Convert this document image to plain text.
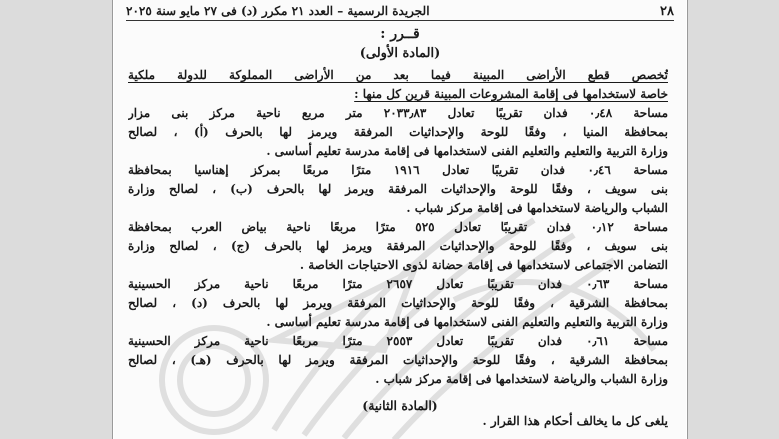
٢٨
الجريدة الرسمية – العدد ٢١ مكرر (د) فى ٢٧ مايو سنة ٢٠٢٥
قــرر :
(المادة الأولى)
تُخصص قطع الأراضى المبينة فيما بعد من الأراضى المملوكة للدولة ملكية
خاصة لاستخدامها فى إقامة المشروعات المبينة قرين كل منها :
مساحة ٠٫٤٨ فدان تقريبًا تعادل ٢٠٣٣٫٨٣ متر مربع ناحية مركز بنى مزار
بمحافظة المنيا ، وفقًا للوحة والإحداثيات المرفقة ويرمز لها بالحرف (أ) ، لصالح
وزارة التربية والتعليم والتعليم الفنى لاستخدامها فى إقامة مدرسة تعليم أساسى .
مساحة ٠٫٤٦ فدان تقريبًا تعادل ١٩١٦ مترًا مربعًا بمركز إهناسيا بمحافظة
بنى سويف ، وفقًا للوحة والإحداثيات المرفقة ويرمز لها بالحرف (ب) ، لصالح وزارة
الشباب والرياضة لاستخدامها فى إقامة مركز شباب .
مساحة ٠٫١٢ فدان تقريبًا تعادل ٥٢٥ مترًا مربعًا ناحية بياض العرب بمحافظة
بنى سويف ، وفقًا للوحة والإحداثيات المرفقة ويرمز لها بالحرف (ج) ، لصالح وزارة
التضامن الاجتماعى لاستخدامها فى إقامة حضانة لذوى الاحتياجات الخاصة .
مساحة ٠٫٦٣ فدان تقريبًا تعادل ٢٦٥٧ مترًا مربعًا ناحية مركز الحسينية
بمحافظة الشرقية ، وفقًا للوحة والإحداثيات المرفقة ويرمز لها بالحرف (د) ، لصالح
وزارة التربية والتعليم والتعليم الفنى لاستخدامها فى إقامة مدرسة تعليم أساسى .
مساحة ٠٫٦١ فدان تقريبًا تعادل ٢٥٥٣ مترًا مربعًا ناحية مركز الحسينية
بمحافظة الشرقية ، وفقًا للوحة والإحداثيات المرفقة ويرمز لها بالحرف (هـ) ، لصالح
وزارة الشباب والرياضة لاستخدامها فى إقامة مركز شباب .
(المادة الثانية)
يلغى كل ما يخالف أحكام هذا القرار .
